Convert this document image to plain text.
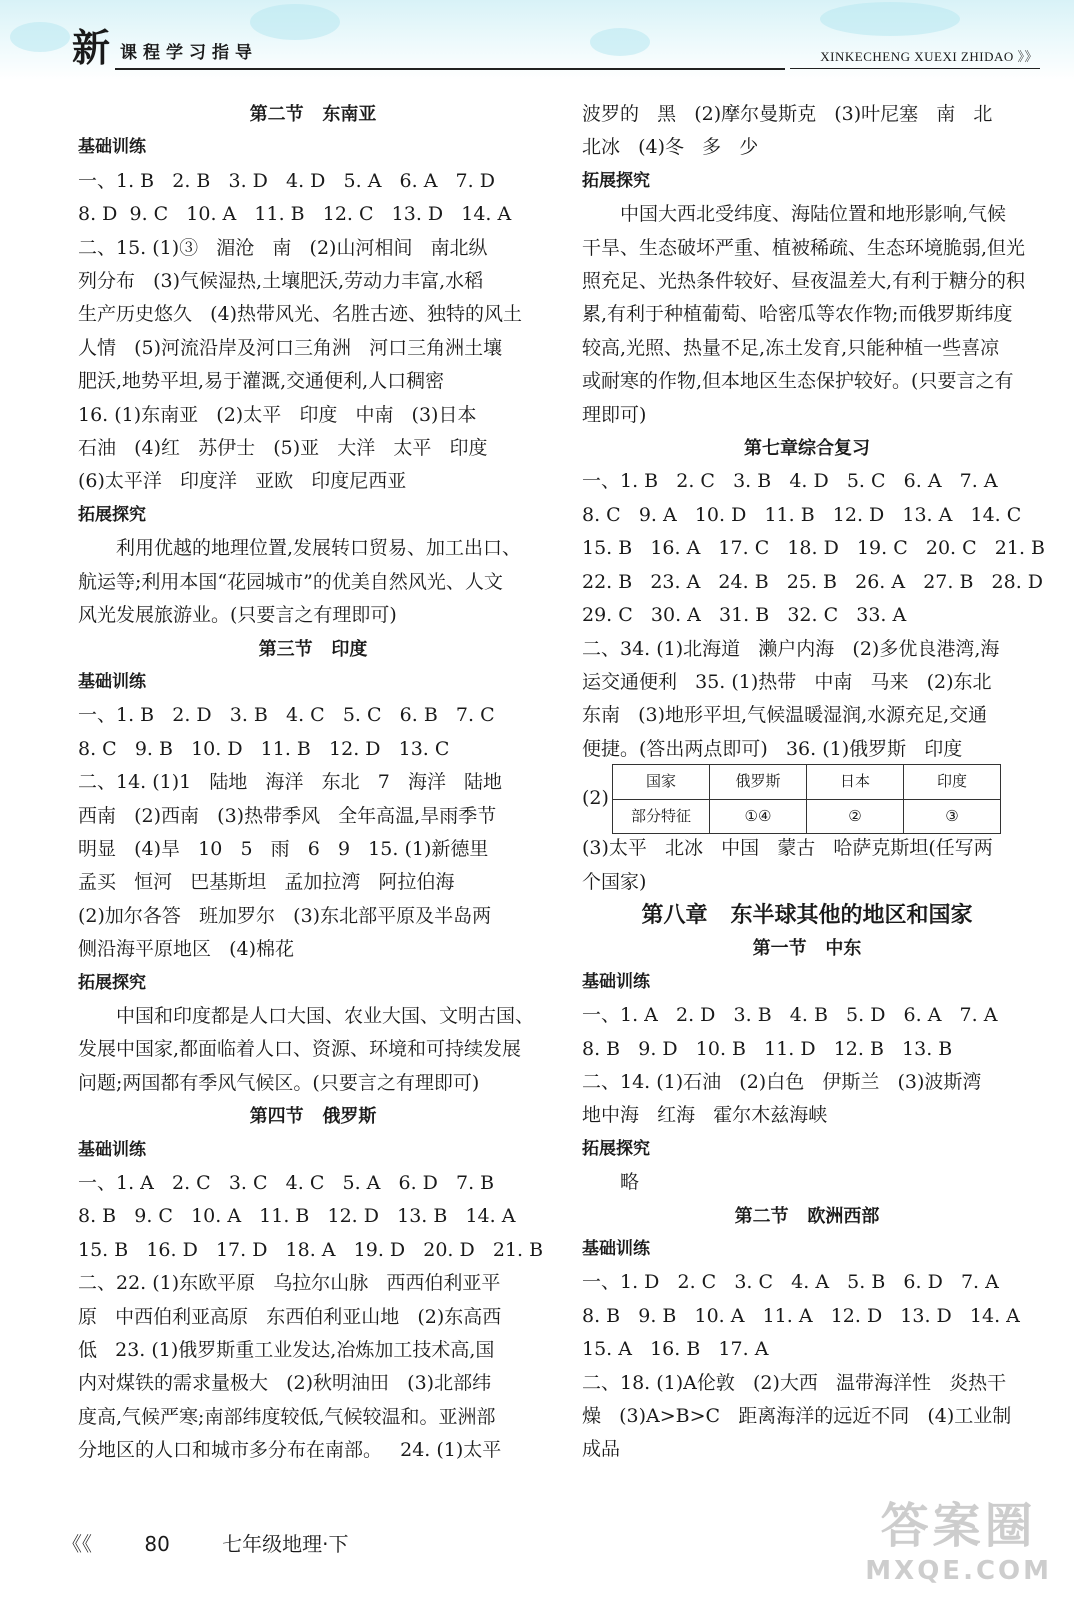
新 课程学习指导	XINKECHENG XUEXI ZHIDAO 》》

第二节   东南亚

基础训练

一、1. B   2. B   3. D   4. D   5. A   6. A   7. D

8. D  9. C   10. A   11. B   12. C   13. D   14. A

二、15. (1)③   湄沧   南   (2)山河相间   南北纵

列分布   (3)气候湿热,土壤肥沃,劳动力丰富,水稻

生产历史悠久   (4)热带风光、名胜古迹、独特的风土

人情   (5)河流沿岸及河口三角洲   河口三角洲土壤

肥沃,地势平坦,易于灌溉,交通便利,人口稠密

16. (1)东南亚   (2)太平   印度   中南   (3)日本

石油   (4)红   苏伊士   (5)亚   大洋   太平   印度

(6)太平洋   印度洋   亚欧   印度尼西亚

拓展探究

利用优越的地理位置,发展转口贸易、加工出口、

航运等;利用本国“花园城市”的优美自然风光、人文

风光发展旅游业。(只要言之有理即可)

第三节   印度

基础训练

一、1. B   2. D   3. B   4. C   5. C   6. B   7. C

8. C   9. B   10. D   11. B   12. D   13. C

二、14. (1)1   陆地   海洋   东北   7   海洋   陆地

西南   (2)西南   (3)热带季风   全年高温,旱雨季节

明显   (4)旱   10   5   雨   6   9   15. (1)新德里

孟买   恒河   巴基斯坦   孟加拉湾   阿拉伯海

(2)加尔各答   班加罗尔   (3)东北部平原及半岛两

侧沿海平原地区   (4)棉花

拓展探究

中国和印度都是人口大国、农业大国、文明古国、

发展中国家,都面临着人口、资源、环境和可持续发展

问题;两国都有季风气候区。(只要言之有理即可)

第四节   俄罗斯

基础训练

一、1. A   2. C   3. C   4. C   5. A   6. D   7. B

8. B   9. C   10. A   11. B   12. D   13. B   14. A

15. B   16. D   17. D   18. A   19. D   20. D   21. B

二、22. (1)东欧平原   乌拉尔山脉   西西伯利亚平

原   中西伯利亚高原   东西伯利亚山地   (2)东高西

低   23. (1)俄罗斯重工业发达,冶炼加工技术高,国

内对煤铁的需求量极大   (2)秋明油田   (3)北部纬

度高,气候严寒;南部纬度较低,气候较温和。亚洲部

分地区的人口和城市多分布在南部。   24. (1)太平

波罗的   黑   (2)摩尔曼斯克   (3)叶尼塞   南   北

北冰   (4)冬   多   少

拓展探究

中国大西北受纬度、海陆位置和地形影响,气候

干旱、生态破坏严重、植被稀疏、生态环境脆弱,但光

照充足、光热条件较好、昼夜温差大,有利于糖分的积

累,有利于种植葡萄、哈密瓜等农作物;而俄罗斯纬度

较高,光照、热量不足,冻土发育,只能种植一些喜凉

或耐寒的作物,但本地区生态保护较好。(只要言之有

理即可)

第七章综合复习

一、1. B   2. C   3. B   4. D   5. C   6. A   7. A

8. C   9. A   10. D   11. B   12. D   13. A   14. C

15. B   16. A   17. C   18. D   19. C   20. C   21. B

22. B   23. A   24. B   25. B   26. A   27. B   28. D

29. C   30. A   31. B   32. C   33. A

二、34. (1)北海道   濑户内海   (2)多优良港湾,海

运交通便利   35. (1)热带   中南   马来   (2)东北

东南   (3)地形平坦,气候温暖湿润,水源充足,交通

便捷。(答出两点即可)   36. (1)俄罗斯   印度

(2)
国家	俄罗斯	日本	印度
部分特征	①④	②	③

(3)太平   北冰   中国   蒙古   哈萨克斯坦(任写两

个国家)

第八章   东半球其他的地区和国家

第一节   中东

基础训练

一、1. A   2. D   3. B   4. B   5. D   6. A   7. A

8. B   9. D   10. B   11. D   12. B   13. B

二、14. (1)石油   (2)白色   伊斯兰   (3)波斯湾

地中海   红海   霍尔木兹海峡

拓展探究

略

第二节   欧洲西部

基础训练

一、1. D   2. C   3. C   4. A   5. B   6. D   7. A

8. B   9. B   10. A   11. A   12. D   13. D   14. A

15. A   16. B   17. A

二、18. (1)A伦敦   (2)大西   温带海洋性   炎热干

燥   (3)A>B>C   距离海洋的远近不同   (4)工业制

成品

《《	80	七年级地理·下	答案圈
MXQE.COM
